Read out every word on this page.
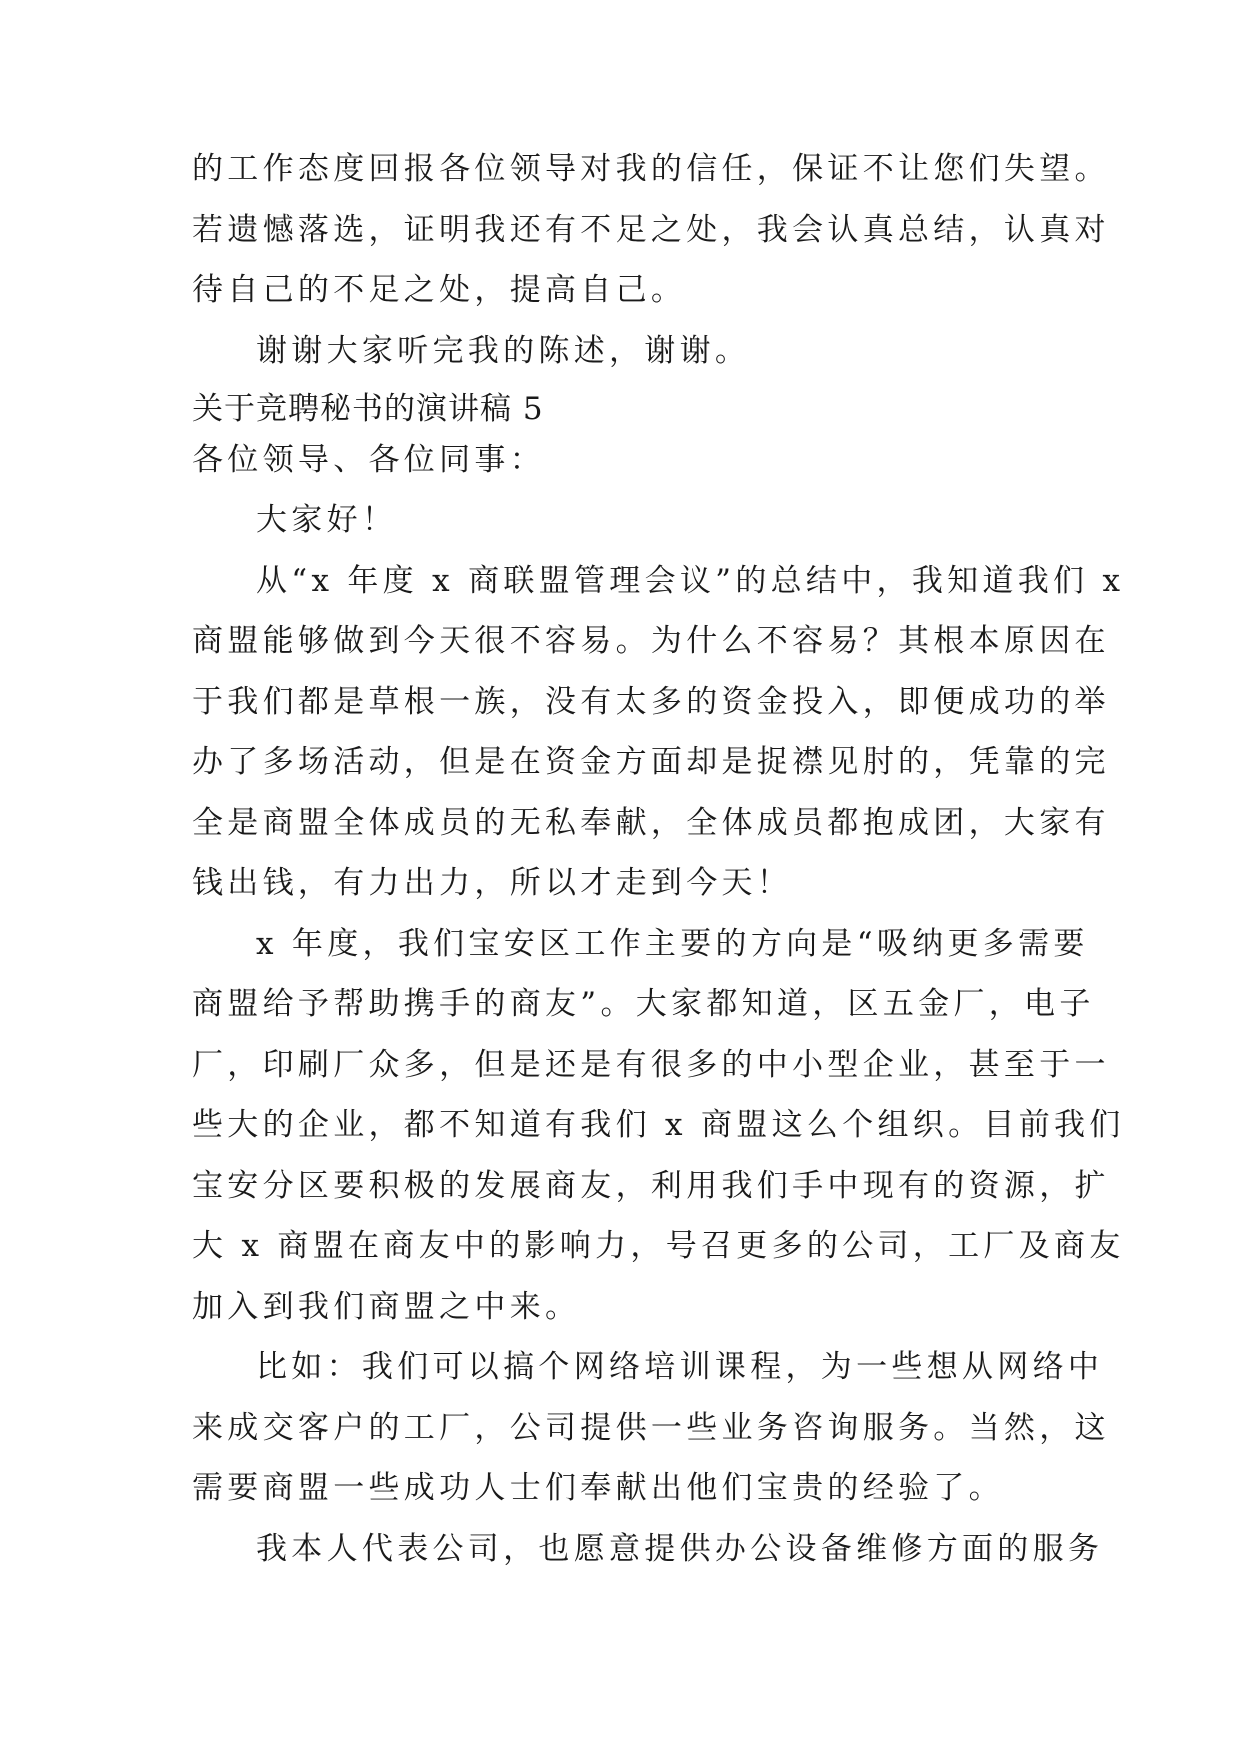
的工作态度回报各位领导对我的信任，保证不让您们失望。
若遗憾落选，证明我还有不足之处，我会认真总结，认真对
待自己的不足之处，提高自己。
谢谢大家听完我的陈述，谢谢。
关于竞聘秘书的演讲稿 5
各位领导、各位同事：
大家好！
从“x 年度 x 商联盟管理会议”的总结中，我知道我们 x
商盟能够做到今天很不容易。为什么不容易？其根本原因在
于我们都是草根一族，没有太多的资金投入，即便成功的举
办了多场活动，但是在资金方面却是捉襟见肘的，凭靠的完
全是商盟全体成员的无私奉献，全体成员都抱成团，大家有
钱出钱，有力出力，所以才走到今天！
x 年度，我们宝安区工作主要的方向是“吸纳更多需要
商盟给予帮助携手的商友”。大家都知道，区五金厂，电子
厂，印刷厂众多，但是还是有很多的中小型企业，甚至于一
些大的企业，都不知道有我们 x 商盟这么个组织。目前我们
宝安分区要积极的发展商友，利用我们手中现有的资源，扩
大 x 商盟在商友中的影响力，号召更多的公司，工厂及商友
加入到我们商盟之中来。
比如：我们可以搞个网络培训课程，为一些想从网络中
来成交客户的工厂，公司提供一些业务咨询服务。当然，这
需要商盟一些成功人士们奉献出他们宝贵的经验了。
我本人代表公司，也愿意提供办公设备维修方面的服务
